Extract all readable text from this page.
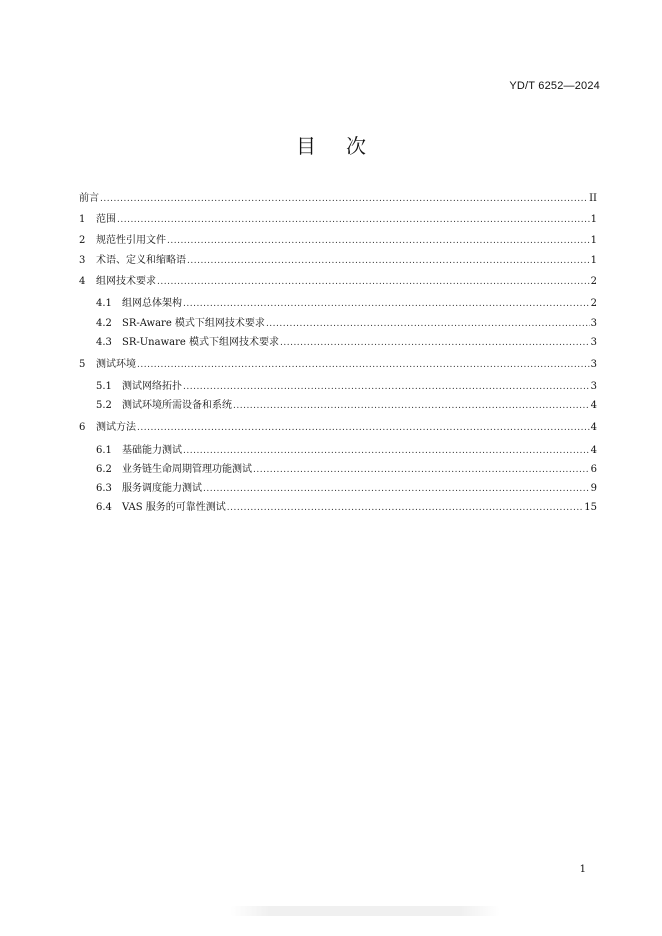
YD/T 6252—2024
目次
前言 .....	II
1	范围 .....	1
2	规范性引用文件 .....	1
3	术语、定义和缩略语 .....	1
4	组网技术要求 .....	2
4.1	组网总体架构 .....	2
4.2	SR-Aware 模式下组网技术要求 .....	3
4.3	SR-Unaware 模式下组网技术要求 .....	3
5	测试环境 .....	3
5.1	测试网络拓扑 .....	3
5.2	测试环境所需设备和系统 .....	4
6	测试方法 .....	4
6.1	基础能力测试 .....	4
6.2	业务链生命周期管理功能测试 .....	6
6.3	服务调度能力测试 .....	9
6.4	VAS 服务的可靠性测试 .....	15
1
